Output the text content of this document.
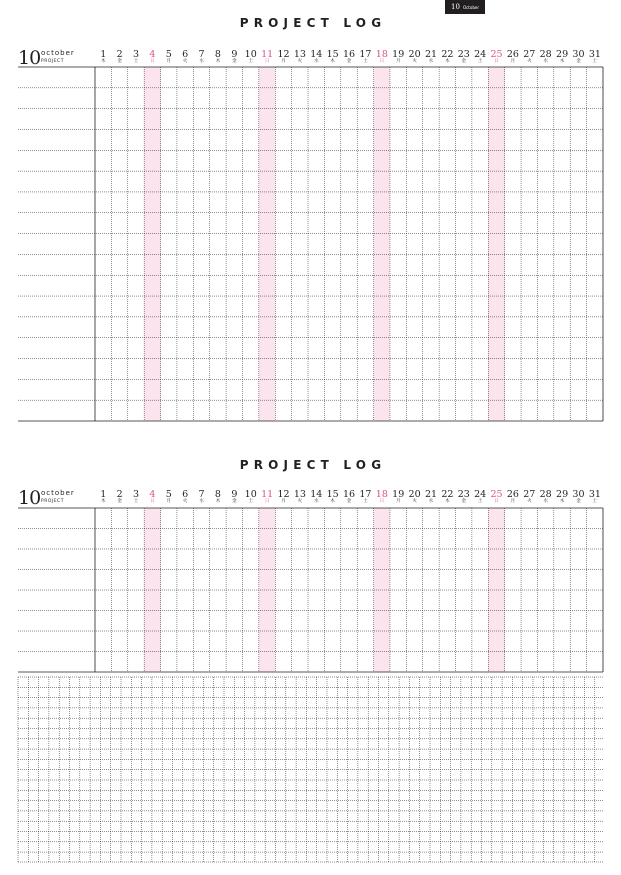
10 October
PROJECT LOG
10 october
PROJECT
PROJECT LOG
10 october
PROJECT
1
木
2
金
3
土
4
日
5
月
6
火
7
水
8
木
9
金
10
土
11
日
12
月
13
火
14
水
15
木
16
金
17
土
18
日
19
月
20
火
21
水
22
木
23
金
24
土
25
日
26
月
27
火
28
水
29
木
30
金
31
土
1
木
2
金
3
土
4
日
5
月
6
火
7
水
8
木
9
金
10
土
11
日
12
月
13
火
14
水
15
木
16
金
17
土
18
日
19
月
20
火
21
水
22
木
23
金
24
土
25
日
26
月
27
火
28
水
29
木
30
金
31
土
